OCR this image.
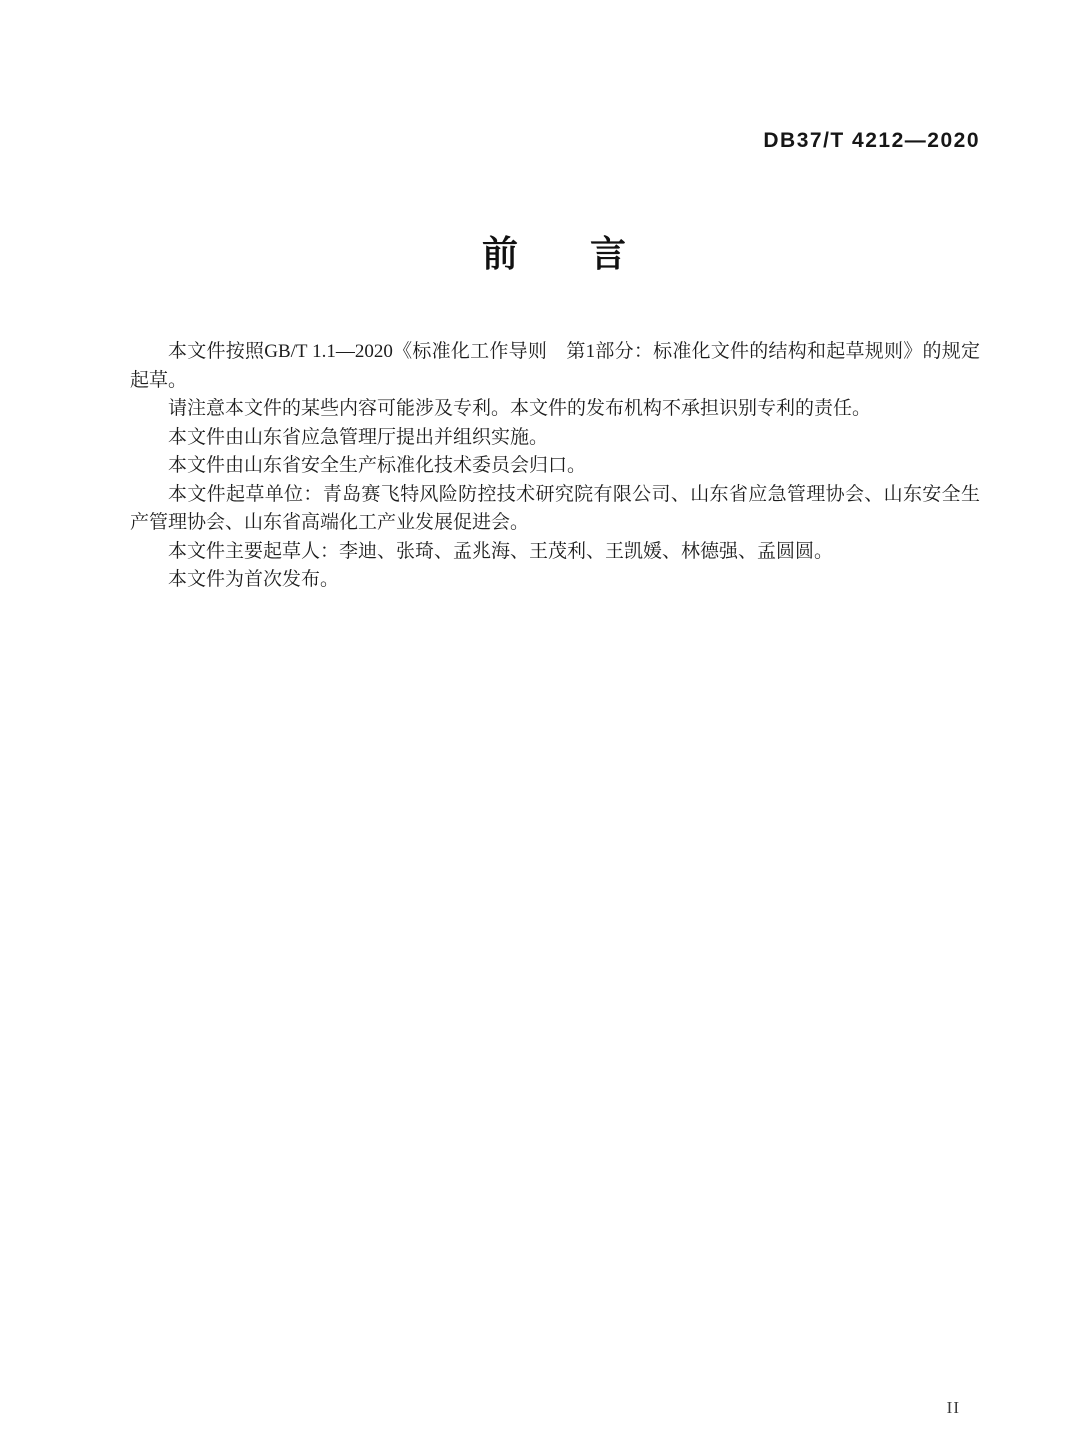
DB37/T 4212—2020
前　　言

本文件按照GB/T 1.1—2020《标准化工作导则　第1部分：标准化文件的结构和起草规则》的规定起草。

请注意本文件的某些内容可能涉及专利。本文件的发布机构不承担识别专利的责任。

本文件由山东省应急管理厅提出并组织实施。

本文件由山东省安全生产标准化技术委员会归口。

本文件起草单位：青岛赛飞特风险防控技术研究院有限公司、山东省应急管理协会、山东安全生产管理协会、山东省高端化工产业发展促进会。

本文件主要起草人：李迪、张琦、孟兆海、王茂利、王凯媛、林德强、孟圆圆。

本文件为首次发布。

II
